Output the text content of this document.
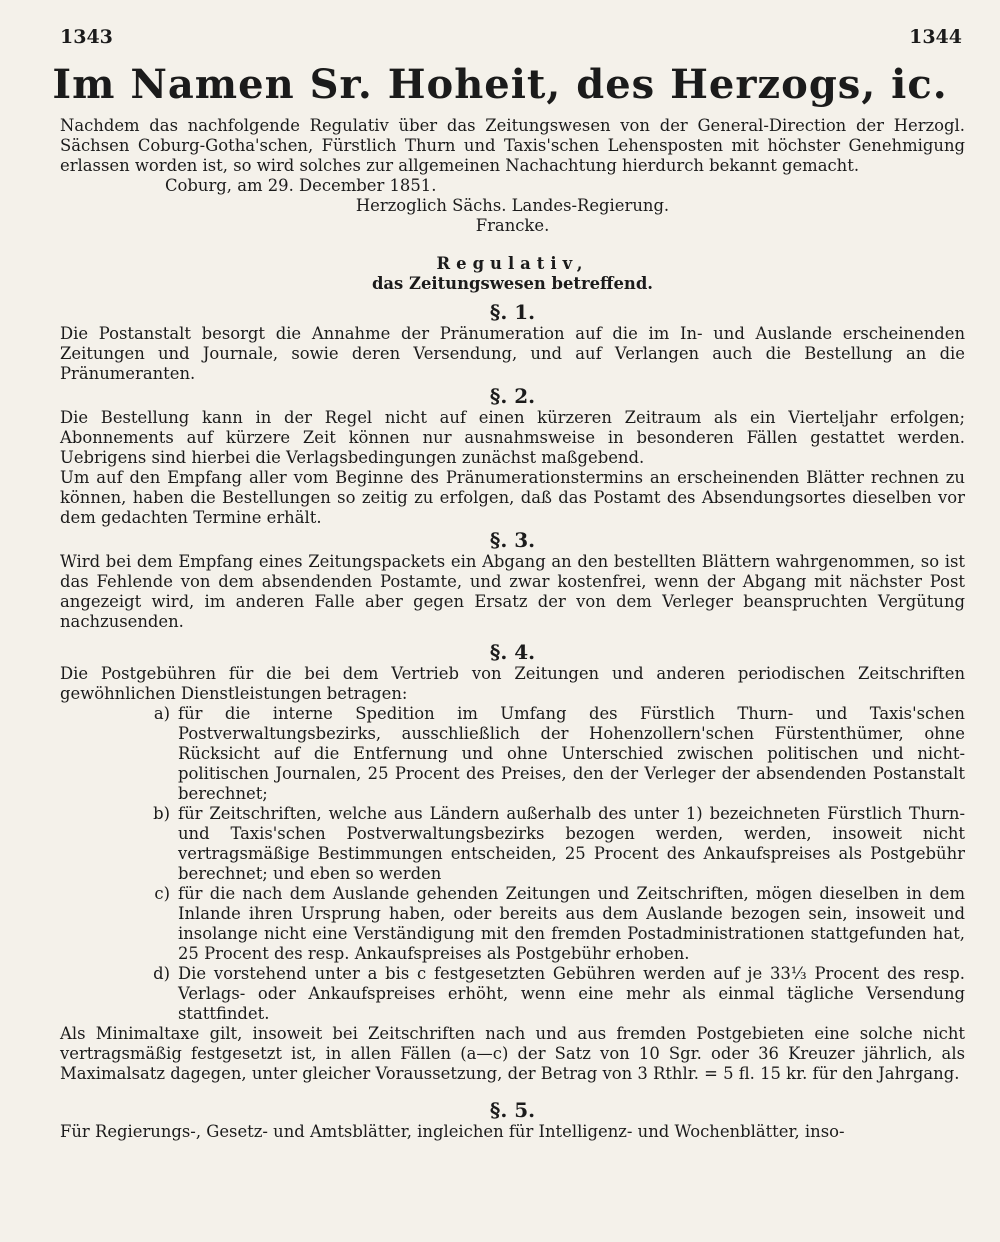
1343	1344
Im Namen Sr. Hoheit, des Herzogs, ic.

Nachdem das nachfolgende Regulativ über das Zeitungswesen von der General-Direction der Herzogl. Sächsen Coburg-Gotha'schen, Fürstlich Thurn und Taxis'schen Lehensposten mit höchster Genehmigung erlassen worden ist, so wird solches zur allgemeinen Nachachtung hierdurch bekannt gemacht.

Coburg, am 29. December 1851.

Herzoglich Sächs. Landes-Regierung.

Francke.

Regulativ,

das Zeitungswesen betreffend.

§. 1.

Die Postanstalt besorgt die Annahme der Pränumeration auf die im In- und Auslande erscheinenden Zeitungen und Journale, sowie deren Versendung, und auf Verlangen auch die Bestellung an die Pränumeranten.

§. 2.

Die Bestellung kann in der Regel nicht auf einen kürzeren Zeitraum als ein Vierteljahr erfolgen; Abonnements auf kürzere Zeit können nur ausnahmsweise in besonderen Fällen gestattet werden. Uebrigens sind hierbei die Verlagsbedingungen zunächst maßgebend.

Um auf den Empfang aller vom Beginne des Pränumerationstermins an erscheinenden Blätter rechnen zu können, haben die Bestellungen so zeitig zu erfolgen, daß das Postamt des Absendungsortes dieselben vor dem gedachten Termine erhält.

§. 3.

Wird bei dem Empfang eines Zeitungspackets ein Abgang an den bestellten Blättern wahrgenommen, so ist das Fehlende von dem absendenden Postamte, und zwar kostenfrei, wenn der Abgang mit nächster Post angezeigt wird, im anderen Falle aber gegen Ersatz der von dem Verleger beanspruchten Vergütung nachzusenden.

§. 4.

Die Postgebühren für die bei dem Vertrieb von Zeitungen und anderen periodischen Zeitschriften gewöhnlichen Dienstleistungen betragen:

a) für die interne Spedition im Umfang des Fürstlich Thurn- und Taxis'schen Postverwaltungsbezirks, ausschließlich der Hohenzollern'schen Fürstenthümer, ohne Rücksicht auf die Entfernung und ohne Unterschied zwischen politischen und nicht-politischen Journalen, 25 Procent des Preises, den der Verleger der absendenden Postanstalt berechnet;
b) für Zeitschriften, welche aus Ländern außerhalb des unter 1) bezeichneten Fürstlich Thurn- und Taxis'schen Postverwaltungsbezirks bezogen werden, werden, insoweit nicht vertragsmäßige Bestimmungen entscheiden, 25 Procent des Ankaufspreises als Postgebühr berechnet; und eben so werden
c) für die nach dem Auslande gehenden Zeitungen und Zeitschriften, mögen dieselben in dem Inlande ihren Ursprung haben, oder bereits aus dem Auslande bezogen sein, insoweit und insolange nicht eine Verständigung mit den fremden Postadministrationen stattgefunden hat, 25 Procent des resp. Ankaufspreises als Postgebühr erhoben.
d) Die vorstehend unter a bis c festgesetzten Gebühren werden auf je 33⅓ Procent des resp. Verlags- oder Ankaufspreises erhöht, wenn eine mehr als einmal tägliche Versendung stattfindet.

Als Minimaltaxe gilt, insoweit bei Zeitschriften nach und aus fremden Postgebieten eine solche nicht vertragsmäßig festgesetzt ist, in allen Fällen (a—c) der Satz von 10 Sgr. oder 36 Kreuzer jährlich, als Maximalsatz dagegen, unter gleicher Voraussetzung, der Betrag von 3 Rthlr. = 5 fl. 15 kr. für den Jahrgang.

§. 5.

Für Regierungs-, Gesetz- und Amtsblätter, ingleichen für Intelligenz- und Wochenblätter, inso-
